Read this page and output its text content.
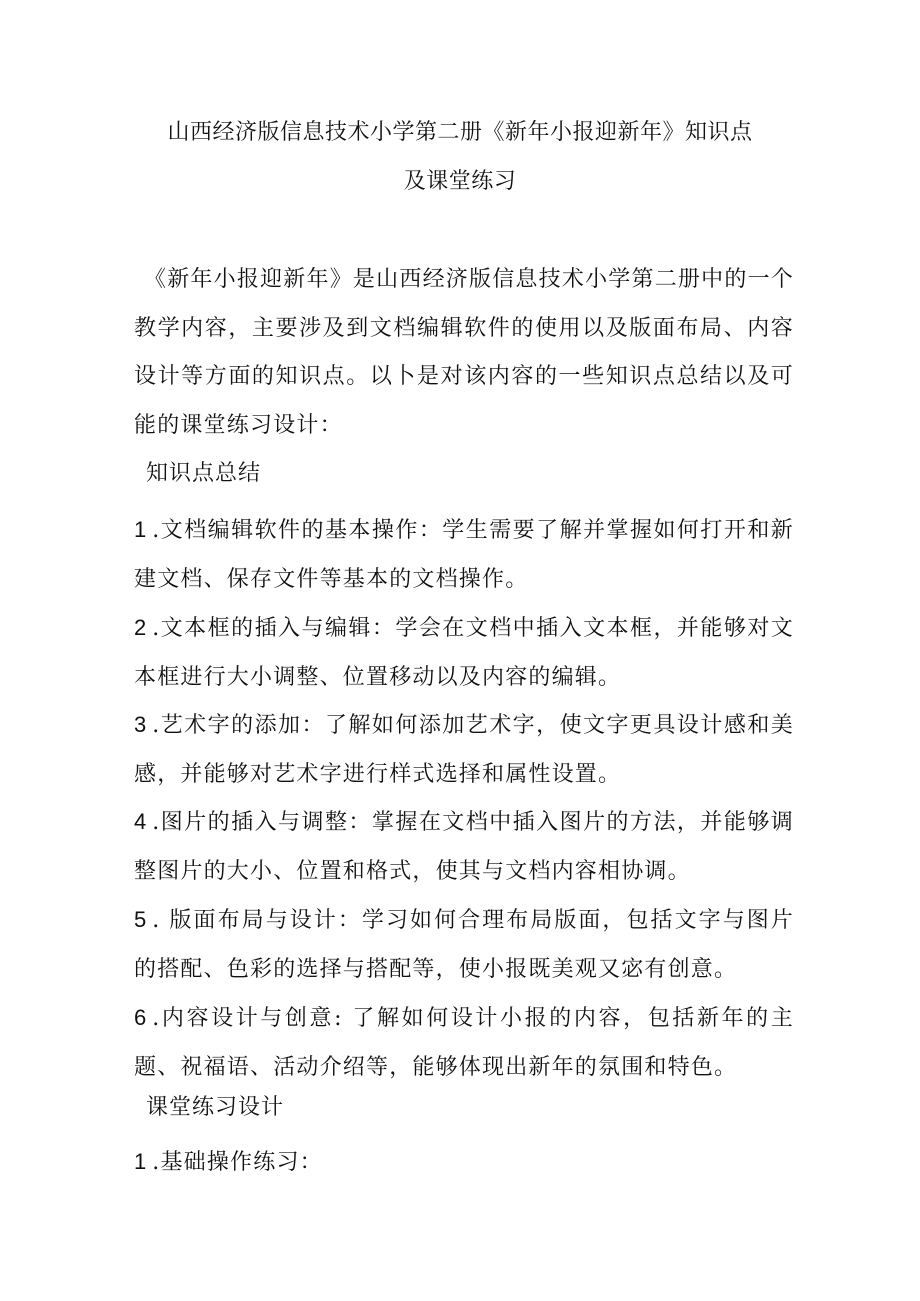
山西经济版信息技术小学第二册《新年小报迎新年》知识点
及课堂练习
《新年小报迎新年》是山西经济版信息技术小学第二册中的一个教学内容，主要涉及到文档编辑软件的使用以及版面布局、内容设计等方面的知识点。以卜是对该内容的一些知识点总结以及可能的课堂练习设计：
知识点总结
1 .文档编辑软件的基本操作：学生需要了解并掌握如何打开和新建文档、保存文件等基本的文档操作。
2 .文本框的插入与编辑：学会在文档中插入文本框，并能够对文本框进行大小调整、位置移动以及内容的编辑。
3 .艺术字的添加：了解如何添加艺术字，使文字更具设计感和美感，并能够对艺术字进行样式选择和属性设置。
4 .图片的插入与调整：掌握在文档中插入图片的方法，并能够调整图片的大小、位置和格式，使其与文档内容相协调。
5 . 版面布局与设计：学习如何合理布局版面，包括文字与图片的搭配、色彩的选择与搭配等，使小报既美观又宓有创意。
6 .内容设计与创意: 了解如何设计小报的内容，包括新年的主题、祝福语、活动介绍等，能够体现出新年的氛围和特色。
课堂练习设计
1 .基础操作练习：
